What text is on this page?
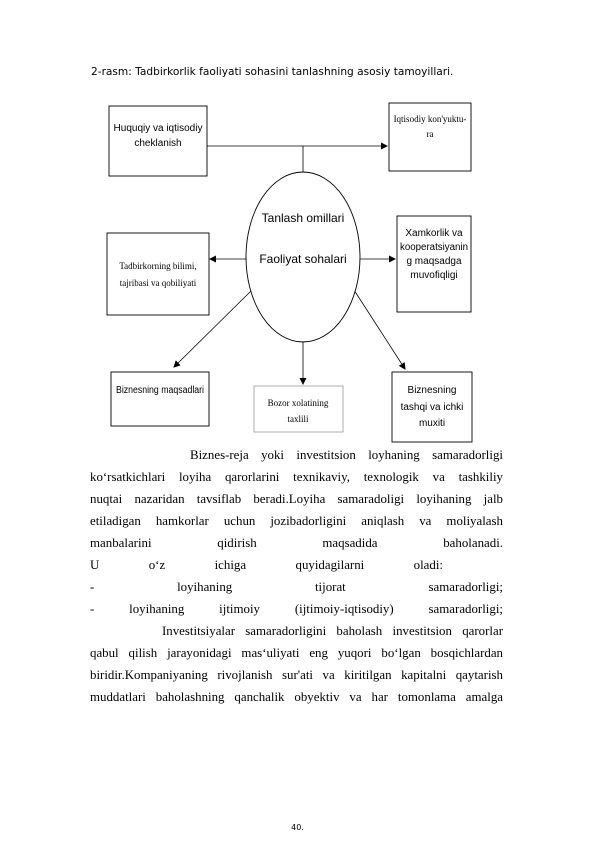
2-rasm: Tadbirkorlik faoliyati sohasini tanlashning asosiy tamoyillari.
Tanlash omillari
Faoliyat sohalari
Huquqiy va iqtisodiy
cheklanish
Iqtisodiy kon'yuktu-
ra
Tadbirkorning bilimi,
tajribasi va qobiliyati
Xamkorlik va
kooperatsiyanin
g maqsadga
muvofiqligi
Biznesning maqsadlari
Bozor xolatining
taxlili
Biznesning
tashqi va ichki
muxiti

Biznes-reja yoki investitsion loyhaning samaradorligi

ko‘rsatkichlari loyiha qarorlarini texnikaviy, texnologik va tashkiliy

nuqtai nazaridan tavsiflab beradi.Loyiha samaradoligi loyihaning jalb

etiladigan hamkorlar uchun jozibadorligini aniqlash va moliyalash

manbalarini qidirish maqsadida baholanadi.

U o‘z ichiga quyidagilarni oladi:

- loyihaning tijorat samaradorligi;

- loyihaning ijtimoiy (ijtimoiy-iqtisodiy) samaradorligi;

Investitsiyalar samaradorligini baholash investitsion qarorlar

qabul qilish jarayonidagi mas‘uliyati eng yuqori bo‘lgan bosqichlardan

biridir.Kompaniyaning rivojlanish sur'ati va kiritilgan kapitalni qaytarish

muddatlari baholashning qanchalik obyektiv va har tomonlama amalga

40.
